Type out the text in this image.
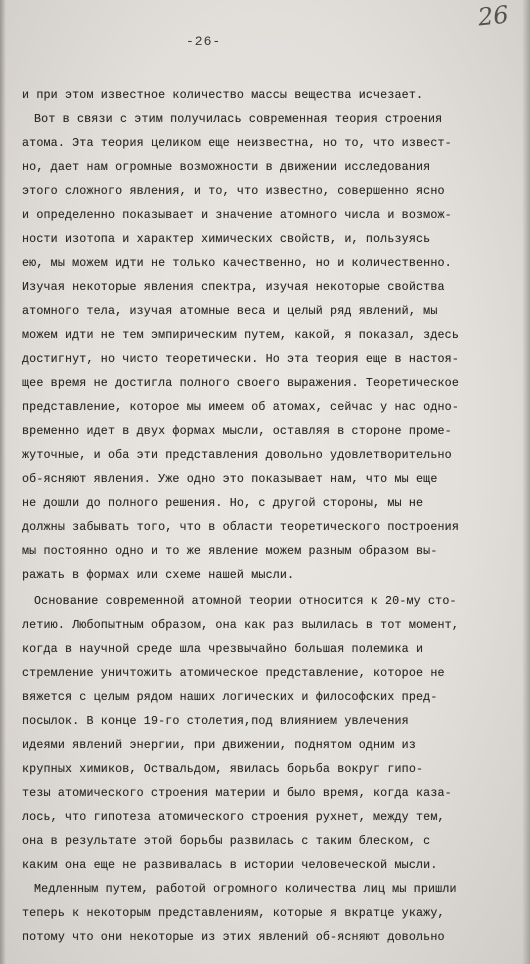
-26-
26
и при этом известное количество массы вещества исчезает.
Вот в связи с этим получилась современная теория строения
атома. Эта теория целиком еще неизвестна, но то, что извест-
но, дает нам огромные возможности в движении исследования
этого сложного явления, и то, что известно, совершенно ясно
и определенно показывает и значение атомного числа и возмож-
ности изотопа и характер химических свойств, и, пользуясь
ею, мы можем идти не только качественно, но и количественно.
Изучая некоторые явления спектра, изучая некоторые свойства
атомного тела, изучая атомные веса и целый ряд явлений, мы
можем идти не тем эмпирическим путем, какой, я показал, здесь
достигнут, но чисто теоретически. Но эта теория еще в настоя-
щее время не достигла полного своего выражения. Теоретическое
представление, которое мы имеем об атомах, сейчас у нас одно-
временно идет в двух формах мысли, оставляя в стороне проме-
жуточные, и оба эти представления довольно удовлетворительно
об-ясняют явления. Уже одно это показывает нам, что мы еще
не дошли до полного решения. Но, с другой стороны, мы не
должны забывать того, что в области теоретического построения
мы постоянно одно и то же явление можем разным образом вы-
ражать в формах или схеме нашей мысли.
Основание современной атомной теории относится к 20-му сто-
летию. Любопытным образом, она как раз вылилась в тот момент,
когда в научной среде шла чрезвычайно большая полемика и
стремление уничтожить атомическое представление, которое не
вяжется с целым рядом наших логических и философских пред-
посылок. В конце 19-го столетия,под влиянием увлечения
идеями явлений энергии, при движении, поднятом одним из
крупных химиков, Оствальдом, явилась борьба вокруг гипо-
тезы атомического строения материи и было время, когда каза-
лось, что гипотеза атомического строения рухнет, между тем,
она в результате этой борьбы развилась с таким блеском, с
каким она еще не развивалась в истории человеческой мысли.
Медленным путем, работой огромного количества лиц мы пришли
теперь к некоторым представлениям, которые я вкратце укажу,
потому что они некоторые из этих явлений об-ясняют довольно
